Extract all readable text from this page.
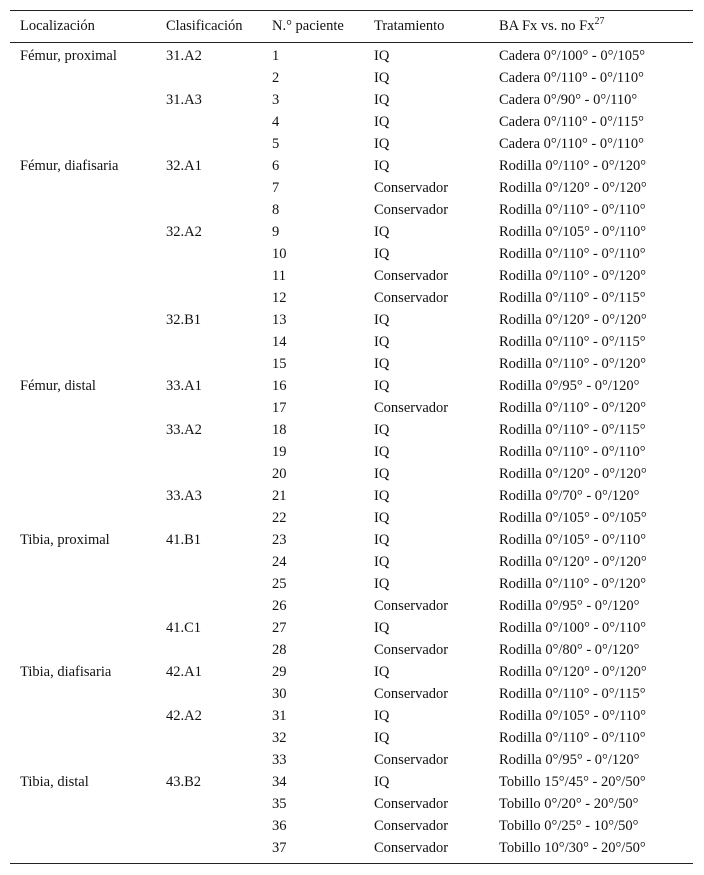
Localización	Clasificación	N.° paciente	Tratamiento	BA Fx vs. no Fx$^{27}$
Fémur, proximal	31.A2	1	IQ	Cadera 0°/100° - 0°/105°
		2	IQ	Cadera 0°/110° - 0°/110°
	31.A3	3	IQ	Cadera 0°/90° - 0°/110°
		4	IQ	Cadera 0°/110° - 0°/115°
		5	IQ	Cadera 0°/110° - 0°/110°
Fémur, diafisaria	32.A1	6	IQ	Rodilla 0°/110° - 0°/120°
		7	Conservador	Rodilla 0°/120° - 0°/120°
		8	Conservador	Rodilla 0°/110° - 0°/110°
	32.A2	9	IQ	Rodilla 0°/105° - 0°/110°
		10	IQ	Rodilla 0°/110° - 0°/110°
		11	Conservador	Rodilla 0°/110° - 0°/120°
		12	Conservador	Rodilla 0°/110° - 0°/115°
	32.B1	13	IQ	Rodilla 0°/120° - 0°/120°
		14	IQ	Rodilla 0°/110° - 0°/115°
		15	IQ	Rodilla 0°/110° - 0°/120°
Fémur, distal	33.A1	16	IQ	Rodilla 0°/95° - 0°/120°
		17	Conservador	Rodilla 0°/110° - 0°/120°
	33.A2	18	IQ	Rodilla 0°/110° - 0°/115°
		19	IQ	Rodilla 0°/110° - 0°/110°
		20	IQ	Rodilla 0°/120° - 0°/120°
	33.A3	21	IQ	Rodilla 0°/70° - 0°/120°
		22	IQ	Rodilla 0°/105° - 0°/105°
Tibia, proximal	41.B1	23	IQ	Rodilla 0°/105° - 0°/110°
		24	IQ	Rodilla 0°/120° - 0°/120°
		25	IQ	Rodilla 0°/110° - 0°/120°
		26	Conservador	Rodilla 0°/95° - 0°/120°
	41.C1	27	IQ	Rodilla 0°/100° - 0°/110°
		28	Conservador	Rodilla 0°/80° - 0°/120°
Tibia, diafisaria	42.A1	29	IQ	Rodilla 0°/120° - 0°/120°
		30	Conservador	Rodilla 0°/110° - 0°/115°
	42.A2	31	IQ	Rodilla 0°/105° - 0°/110°
		32	IQ	Rodilla 0°/110° - 0°/110°
		33	Conservador	Rodilla 0°/95° - 0°/120°
Tibia, distal	43.B2	34	IQ	Tobillo 15°/45° - 20°/50°
		35	Conservador	Tobillo 0°/20° - 20°/50°
		36	Conservador	Tobillo 0°/25° - 10°/50°
		37	Conservador	Tobillo 10°/30° - 20°/50°
